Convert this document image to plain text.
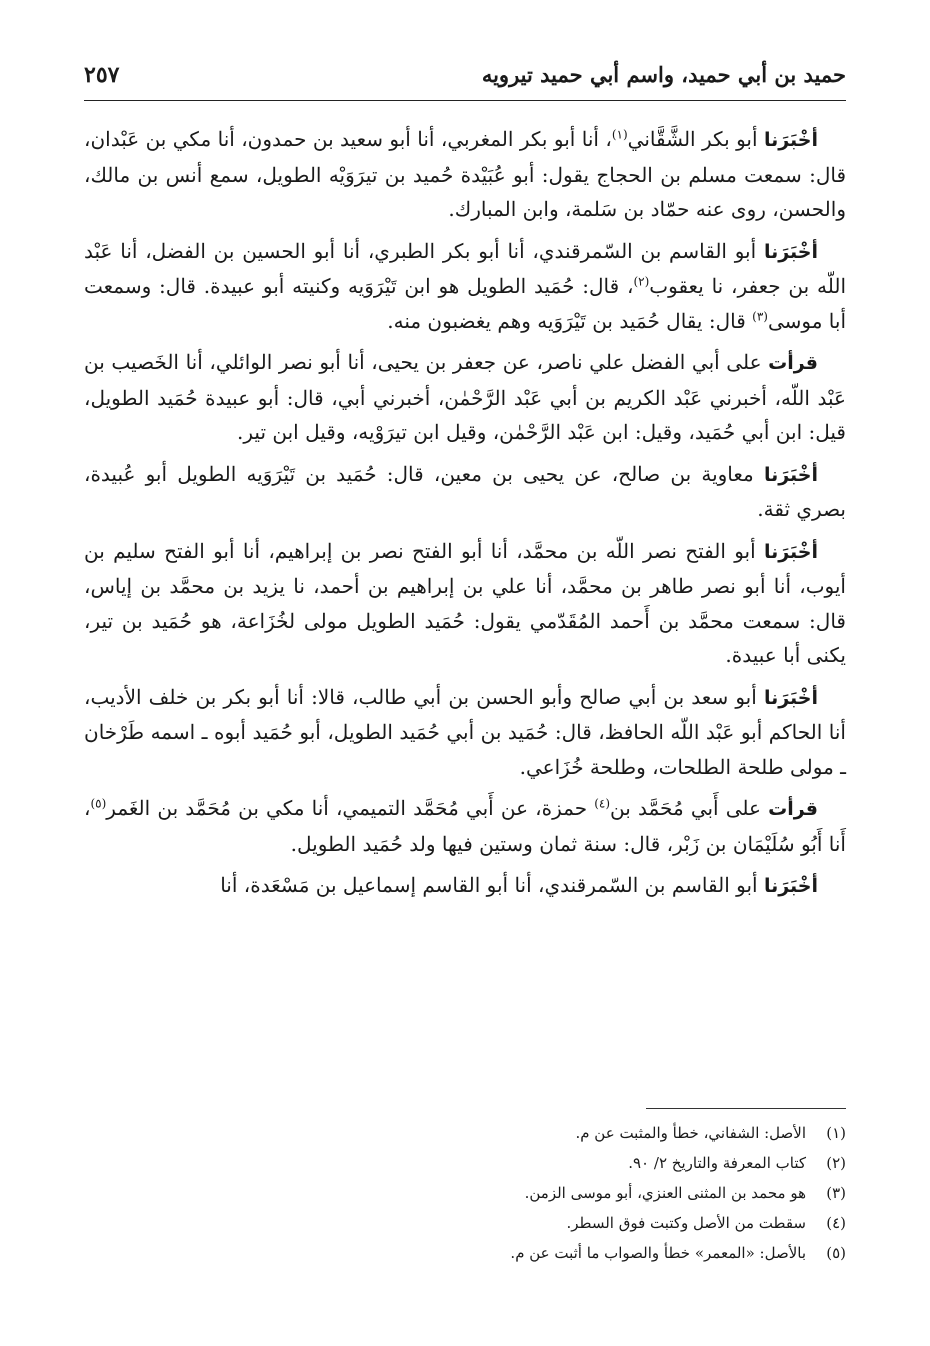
حميد بن أبي حميد، واسم أبي حميد تيرويه
٢٥٧

أخْبَرَنا أبو بكر الشَّقَّاني$^{(١)}$، أنا أبو بكر المغربي، أنا أبو سعيد بن حمدون، أنا مكي بن عَبْدان، قال: سمعت مسلم بن الحجاج يقول: أبو عُبَيْدة حُميد بن تيرَوَيْه الطويل، سمع أنس بن مالك، والحسن، روى عنه حمّاد بن سَلمة، وابن المبارك.

أخْبَرَنا أبو القاسم بن السّمرقندي، أنا أبو بكر الطبري، أنا أبو الحسين بن الفضل، أنا عَبْد اللّه بن جعفر، نا يعقوب$^{(٢)}$، قال: حُمَيد الطويل هو ابن تَيْرَوَيه وكنيته أبو عبيدة. قال: وسمعت أبا موسى$^{(٣)}$ قال: يقال حُمَيد بن تَيْرَوَيه وهم يغضبون منه.

قرأت على أبي الفضل علي ناصر، عن جعفر بن يحيى، أنا أبو نصر الوائلي، أنا الخَصيب بن عَبْد اللّه، أخبرني عَبْد الكريم بن أبي عَبْد الرَّحْمٰن، أخبرني أبي، قال: أبو عبيدة حُمَيد الطويل، قيل: ابن أبي حُمَيد، وقيل: ابن عَبْد الرَّحْمٰن، وقيل ابن تيرَوْيه، وقيل ابن تير.

أخْبَرَنا معاوية بن صالح، عن يحيى بن معين، قال: حُمَيد بن تَيْرَوَيه الطويل أبو عُبيدة، بصري ثقة.

أخْبَرَنا أبو الفتح نصر اللّه بن محمَّد، أنا أبو الفتح نصر بن إبراهيم، أنا أبو الفتح سليم بن أيوب، أنا أبو نصر طاهر بن محمَّد، أنا علي بن إبراهيم بن أحمد، نا يزيد بن محمَّد بن إياس، قال: سمعت محمَّد بن أَحمد المُقَدّمي يقول: حُمَيد الطويل مولى لخُزَاعة، هو حُمَيد بن تير، يكنى أبا عبيدة.

أخْبَرَنا أبو سعد بن أبي صالح وأبو الحسن بن أبي طالب، قالا: أنا أبو بكر بن خلف الأديب، أنا الحاكم أبو عَبْد اللّه الحافظ، قال: حُمَيد بن أبي حُمَيد الطويل، أبو حُمَيد أبوه ـ اسمه طَرْخان ـ مولى طلحة الطلحات، وطلحة خُزَاعي.

قرأت على أَبي مُحَمَّد بن$^{(٤)}$ حمزة، عن أَبي مُحَمَّد التميمي، أنا مكي بن مُحَمَّد بن الغَمر$^{(٥)}$، أَنا أَبُو سُلَيْمَان بن زَبْر، قال: سنة ثمان وستين فيها ولد حُمَيد الطويل.

أخْبَرَنا أبو القاسم بن السّمرقندي، أنا أبو القاسم إسماعيل بن مَسْعَدة، أنا

(١)
الأصل: الشفاني، خطأ والمثبت عن م.
(٢)
كتاب المعرفة والتاريخ ٢/ ٩٠.
(٣)
هو محمد بن المثنى العنزي، أبو موسى الزمن.
(٤)
سقطت من الأصل وكتبت فوق السطر.
(٥)
بالأصل: «المعمر» خطأ والصواب ما أثبت عن م.
